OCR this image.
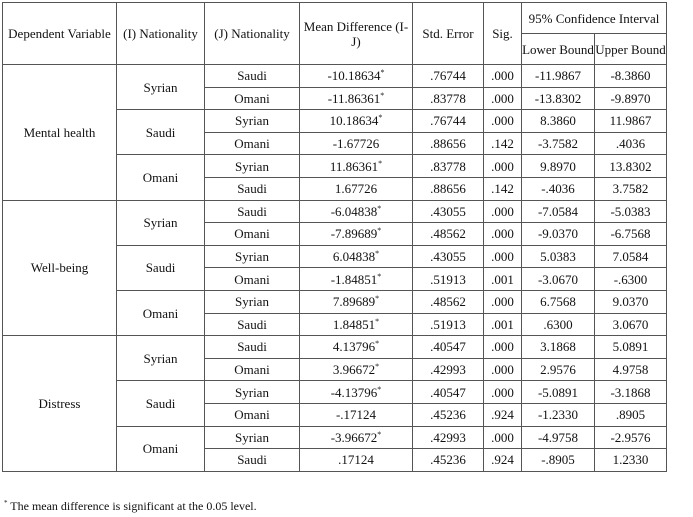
Dependent Variable	(I) Nationality	(J) Nationality	Mean Difference (I-J)	Std. Error	Sig.	95% Confidence Interval	
						Lower Bound	Upper Bound
Mental health	Syrian	Saudi	-10.18634*	.76744	.000	-11.9867	-8.3860
		Omani	-11.86361*	.83778	.000	-13.8302	-9.8970
	Saudi	Syrian	10.18634*	.76744	.000	8.3860	11.9867
		Omani	-1.67726	.88656	.142	-3.7582	.4036
	Omani	Syrian	11.86361*	.83778	.000	9.8970	13.8302
		Saudi	1.67726	.88656	.142	-.4036	3.7582
Well-being	Syrian	Saudi	-6.04838*	.43055	.000	-7.0584	-5.0383
		Omani	-7.89689*	.48562	.000	-9.0370	-6.7568
	Saudi	Syrian	6.04838*	.43055	.000	5.0383	7.0584
		Omani	-1.84851*	.51913	.001	-3.0670	-.6300
	Omani	Syrian	7.89689*	.48562	.000	6.7568	9.0370
		Saudi	1.84851*	.51913	.001	.6300	3.0670
Distress	Syrian	Saudi	4.13796*	.40547	.000	3.1868	5.0891
		Omani	3.96672*	.42993	.000	2.9576	4.9758
	Saudi	Syrian	-4.13796*	.40547	.000	-5.0891	-3.1868
		Omani	-.17124	.45236	.924	-1.2330	.8905
	Omani	Syrian	-3.96672*	.42993	.000	-4.9758	-2.9576
		Saudi	.17124	.45236	.924	-.8905	1.2330
* The mean difference is significant at the 0.05 level.
